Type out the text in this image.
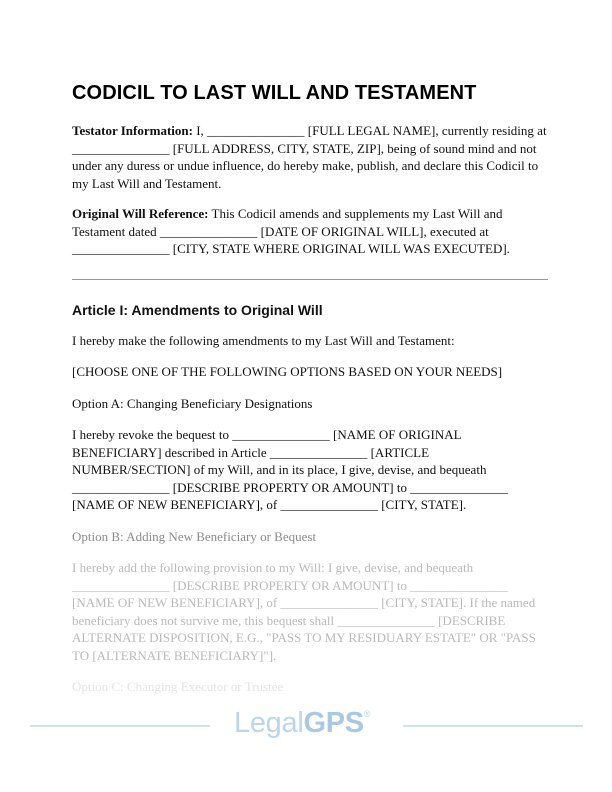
CODICIL TO LAST WILL AND TESTAMENT

Testator Information: I, _______________ [FULL LEGAL NAME], currently residing at _______________ [FULL ADDRESS, CITY, STATE, ZIP], being of sound mind and not under any duress or undue influence, do hereby make, publish, and declare this Codicil to my Last Will and Testament.

Original Will Reference: This Codicil amends and supplements my Last Will and Testament dated _______________ [DATE OF ORIGINAL WILL], executed at _______________ [CITY, STATE WHERE ORIGINAL WILL WAS EXECUTED].

Article I: Amendments to Original Will

I hereby make the following amendments to my Last Will and Testament:

[CHOOSE ONE OF THE FOLLOWING OPTIONS BASED ON YOUR NEEDS]

Option A: Changing Beneficiary Designations

I hereby revoke the bequest to _______________ [NAME OF ORIGINAL BENEFICIARY] described in Article _______________ [ARTICLE NUMBER/SECTION] of my Will, and in its place, I give, devise, and bequeath _______________ [DESCRIBE PROPERTY OR AMOUNT] to _______________ [NAME OF NEW BENEFICIARY], of _______________ [CITY, STATE].

Option B: Adding New Beneficiary or Bequest

I hereby add the following provision to my Will: I give, devise, and bequeath _______________ [DESCRIBE PROPERTY OR AMOUNT] to _______________ [NAME OF NEW BENEFICIARY], of _______________ [CITY, STATE]. If the named beneficiary does not survive me, this bequest shall _______________ [DESCRIBE ALTERNATE DISPOSITION, E.G., "PASS TO MY RESIDUARY ESTATE" OR "PASS TO [ALTERNATE BENEFICIARY]"].

Option C: Changing Executor or Trustee

LegalGPS®
